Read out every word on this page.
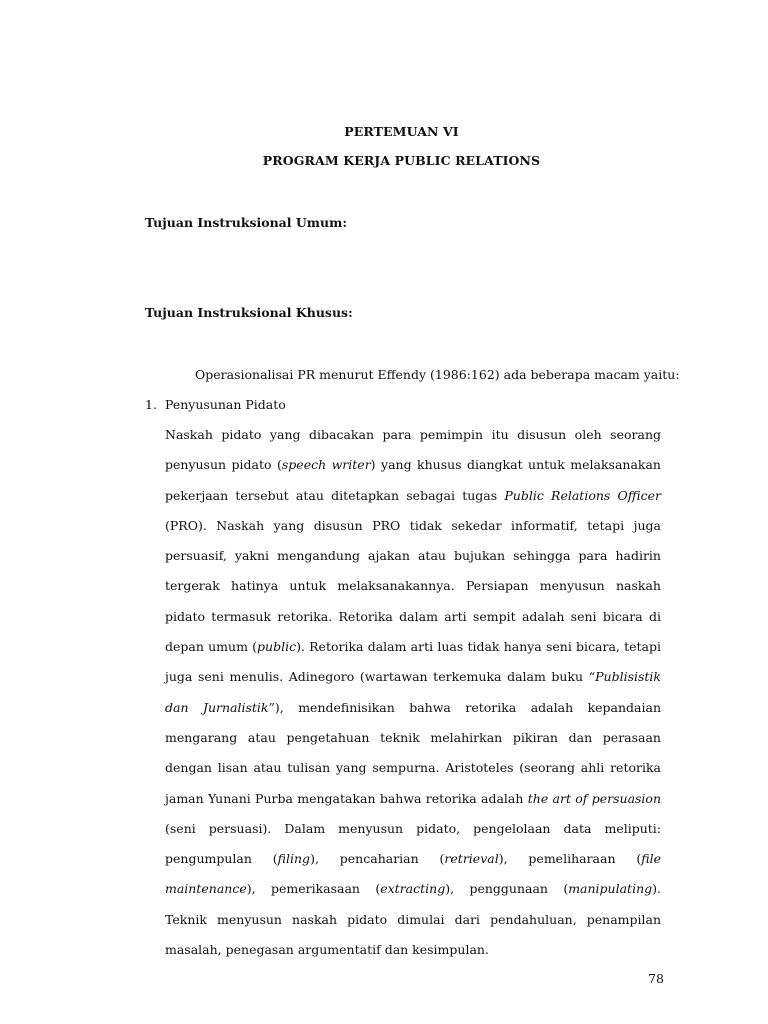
PERTEMUAN VI
PROGRAM KERJA PUBLIC RELATIONS
Tujuan Instruksional Umum:
Tujuan Instruksional Khusus:
Operasionalisai PR menurut Effendy (1986:162) ada beberapa macam yaitu:
1. Penyusunan Pidato
Naskah pidato yang dibacakan para pemimpin itu disusun oleh seorang penyusun pidato (speech writer) yang khusus diangkat untuk melaksanakan pekerjaan tersebut atau ditetapkan sebagai tugas Public Relations Officer (PRO). Naskah yang disusun PRO tidak sekedar informatif, tetapi juga persuasif, yakni mengandung ajakan atau bujukan sehingga para hadirin tergerak hatinya untuk melaksanakannya. Persiapan menyusun naskah pidato termasuk retorika. Retorika dalam arti sempit adalah seni bicara di depan umum (public). Retorika dalam arti luas tidak hanya seni bicara, tetapi juga seni menulis. Adinegoro (wartawan terkemuka dalam buku “Publisistik dan Jurnalistik”), mendefinisikan bahwa retorika adalah kepandaian mengarang atau pengetahuan teknik melahirkan pikiran dan perasaan dengan lisan atau tulisan yang sempurna. Aristoteles (seorang ahli retorika jaman Yunani Purba mengatakan bahwa retorika adalah the art of persuasion (seni persuasi). Dalam menyusun pidato, pengelolaan data meliputi: pengumpulan (filing), pencaharian (retrieval), pemeliharaan (file maintenance), pemerikasaan (extracting), penggunaan (manipulating). Teknik menyusun naskah pidato dimulai dari pendahuluan, penampilan masalah, penegasan argumentatif dan kesimpulan.
78
